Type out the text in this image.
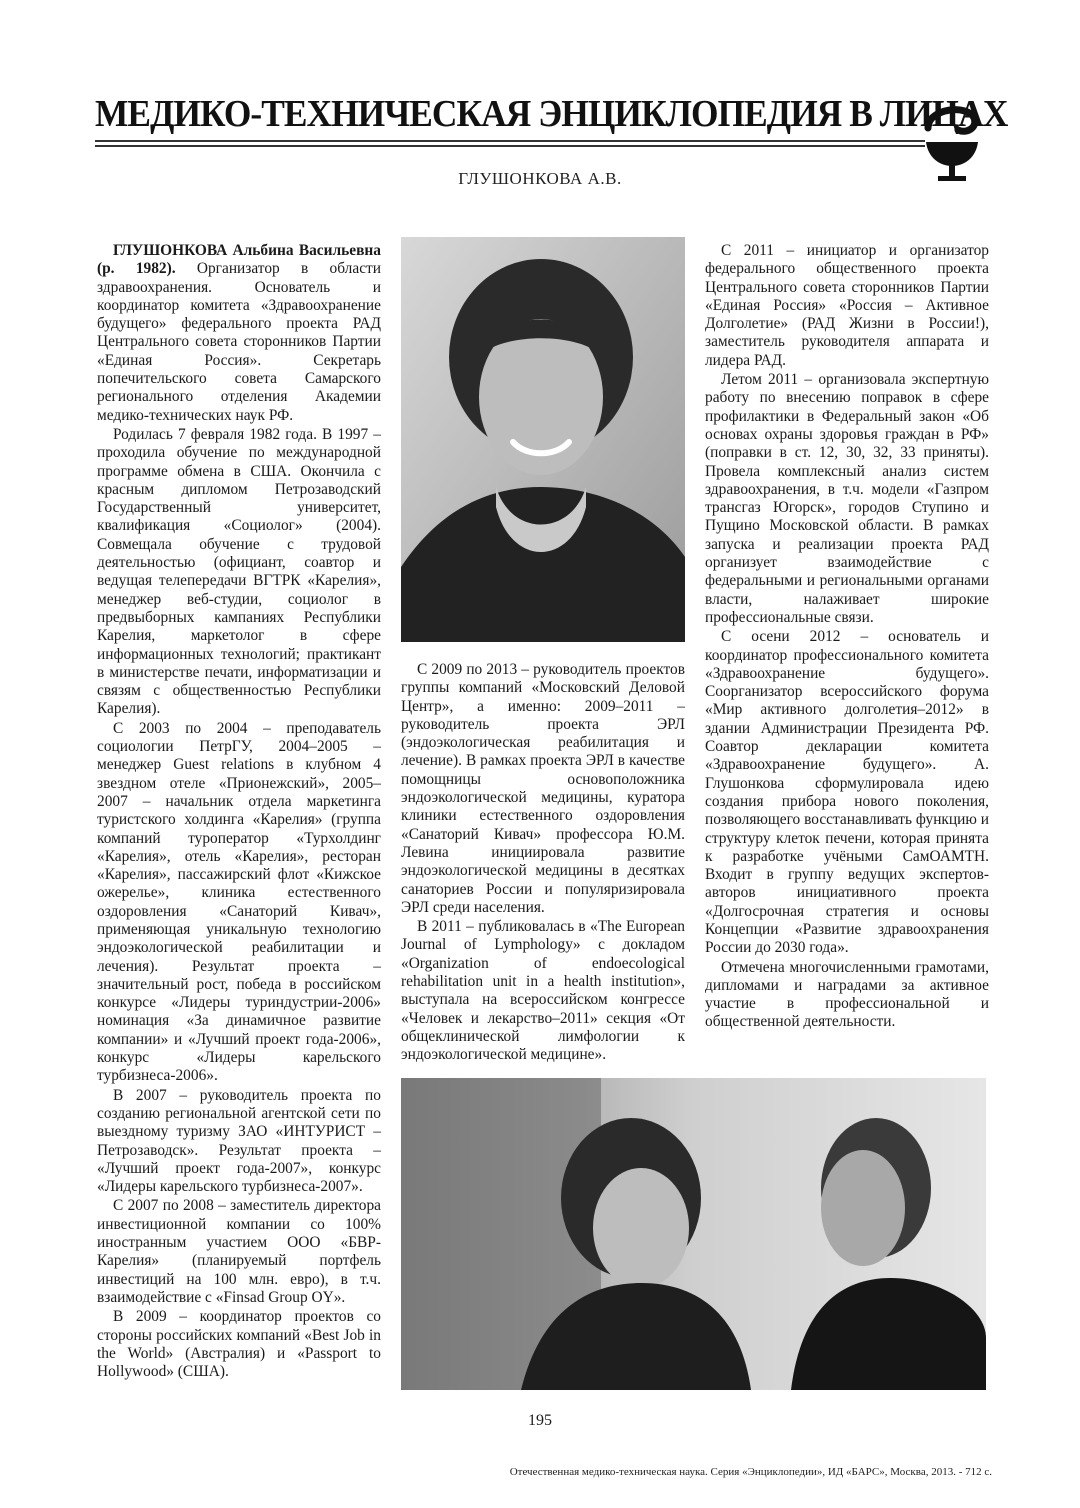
МЕДИКО-ТЕХНИЧЕСКАЯ ЭНЦИКЛОПЕДИЯ В ЛИЦАХ
ГЛУШОНКОВА А.В.

ГЛУШОНКОВА Альбина Васильевна (р. 1982). Организатор в области здравоохранения. Основатель и координатор комитета «Здравоохранение будущего» федерального проекта РАД Центрального совета сторонников Партии «Единая Россия». Секретарь попечительского совета Самарского регионального отделения Академии медико-технических наук РФ.

Родилась 7 февраля 1982 года. В 1997 – проходила обучение по международной программе обмена в США. Окончила с красным дипломом Петрозаводский Государственный университет, квалификация «Социолог» (2004). Совмещала обучение с трудовой деятельностью (официант, соавтор и ведущая телепередачи ВГТРК «Карелия», менеджер веб-студии, социолог в предвыборных кампаниях Республики Карелия, маркетолог в сфере информационных технологий; практикант в министерстве печати, информатизации и связям с общественностью Республики Карелия).

С 2003 по 2004 – преподаватель социологии ПетрГУ, 2004–2005 – менеджер Guest relations в клубном 4 звездном отеле «Прионежский», 2005–2007 – начальник отдела маркетинга туристского холдинга «Карелия» (группа компаний туроператор «Турхолдинг «Карелия», отель «Карелия», ресторан «Карелия», пассажирский флот «Кижское ожерелье», клиника естественного оздоровления «Санаторий Кивач», применяющая уникальную технологию эндоэкологической реабилитации и лечения). Результат проекта – значительный рост, победа в российском конкурсе «Лидеры туриндустрии-2006» номинация «За динамичное развитие компании» и «Лучший проект года-2006», конкурс «Лидеры карельского турбизнеса-2006».

В 2007 – руководитель проекта по созданию региональной агентской сети по выездному туризму ЗАО «ИНТУРИСТ – Петрозаводск». Результат проекта – «Лучший проект года-2007», конкурс «Лидеры карельского турбизнеса-2007».

С 2007 по 2008 – заместитель директора инвестиционной компании со 100% иностранным участием ООО «БВР-Карелия» (планируемый портфель инвестиций на 100 млн. евро), в т.ч. взаимодействие с «Finsad Group OY».

В 2009 – координатор проектов со стороны российских компаний «Best Job in the World» (Австралия) и «Passport to Hollywood» (США).

С 2009 по 2013 – руководитель проектов группы компаний «Московский Деловой Центр», а именно: 2009–2011 – руководитель проекта ЭРЛ (эндоэкологическая реабилитация и лечение). В рамках проекта ЭРЛ в качестве помощницы основоположника эндоэкологической медицины, куратора клиники естественного оздоровления «Санаторий Кивач» профессора Ю.М. Левина инициировала развитие эндоэкологической медицины в десятках санаториев России и популяризировала ЭРЛ среди населения.

В 2011 – публиковалась в «The European Journal of Lymphology» с докладом «Organization of endoecological rehabilitation unit in a health institution», выступала на всероссийском конгрессе «Человек и лекарство–2011» секция «От общеклинической лимфологии к эндоэкологической медицине».

С 2011 – инициатор и организатор федерального общественного проекта Центрального совета сторонников Партии «Единая Россия» «Россия – Активное Долголетие» (РАД Жизни в России!), заместитель руководителя аппарата и лидера РАД.

Летом 2011 – организовала экспертную работу по внесению поправок в сфере профилактики в Федеральный закон «Об основах охраны здоровья граждан в РФ» (поправки в ст. 12, 30, 32, 33 приняты). Провела комплексный анализ систем здравоохранения, в т.ч. модели «Газпром трансгаз Югорск», городов Ступино и Пущино Московской области. В рамках запуска и реализации проекта РАД организует взаимодействие с федеральными и региональными органами власти, налаживает широкие профессиональные связи.

С осени 2012 – основатель и координатор профессионального комитета «Здравоохранение будущего». Соорганизатор всероссийского форума «Мир активного долголетия–2012» в здании Администрации Президента РФ. Соавтор декларации комитета «Здравоохранение будущего». А. Глушонкова сформулировала идею создания прибора нового поколения, позволяющего восстанавливать функцию и структуру клеток печени, которая принята к разработке учёными СамОАМТН. Входит в группу ведущих экспертов-авторов инициативного проекта «Долгосрочная стратегия и основы Концепции «Развитие здравоохранения России до 2030 года».

Отмечена многочисленными грамотами, дипломами и наградами за активное участие в профессиональной и общественной деятельности.

195
Отечественная медико-техническая наука. Серия «Энциклопедии», ИД «БАРС», Москва, 2013. - 712 с.
